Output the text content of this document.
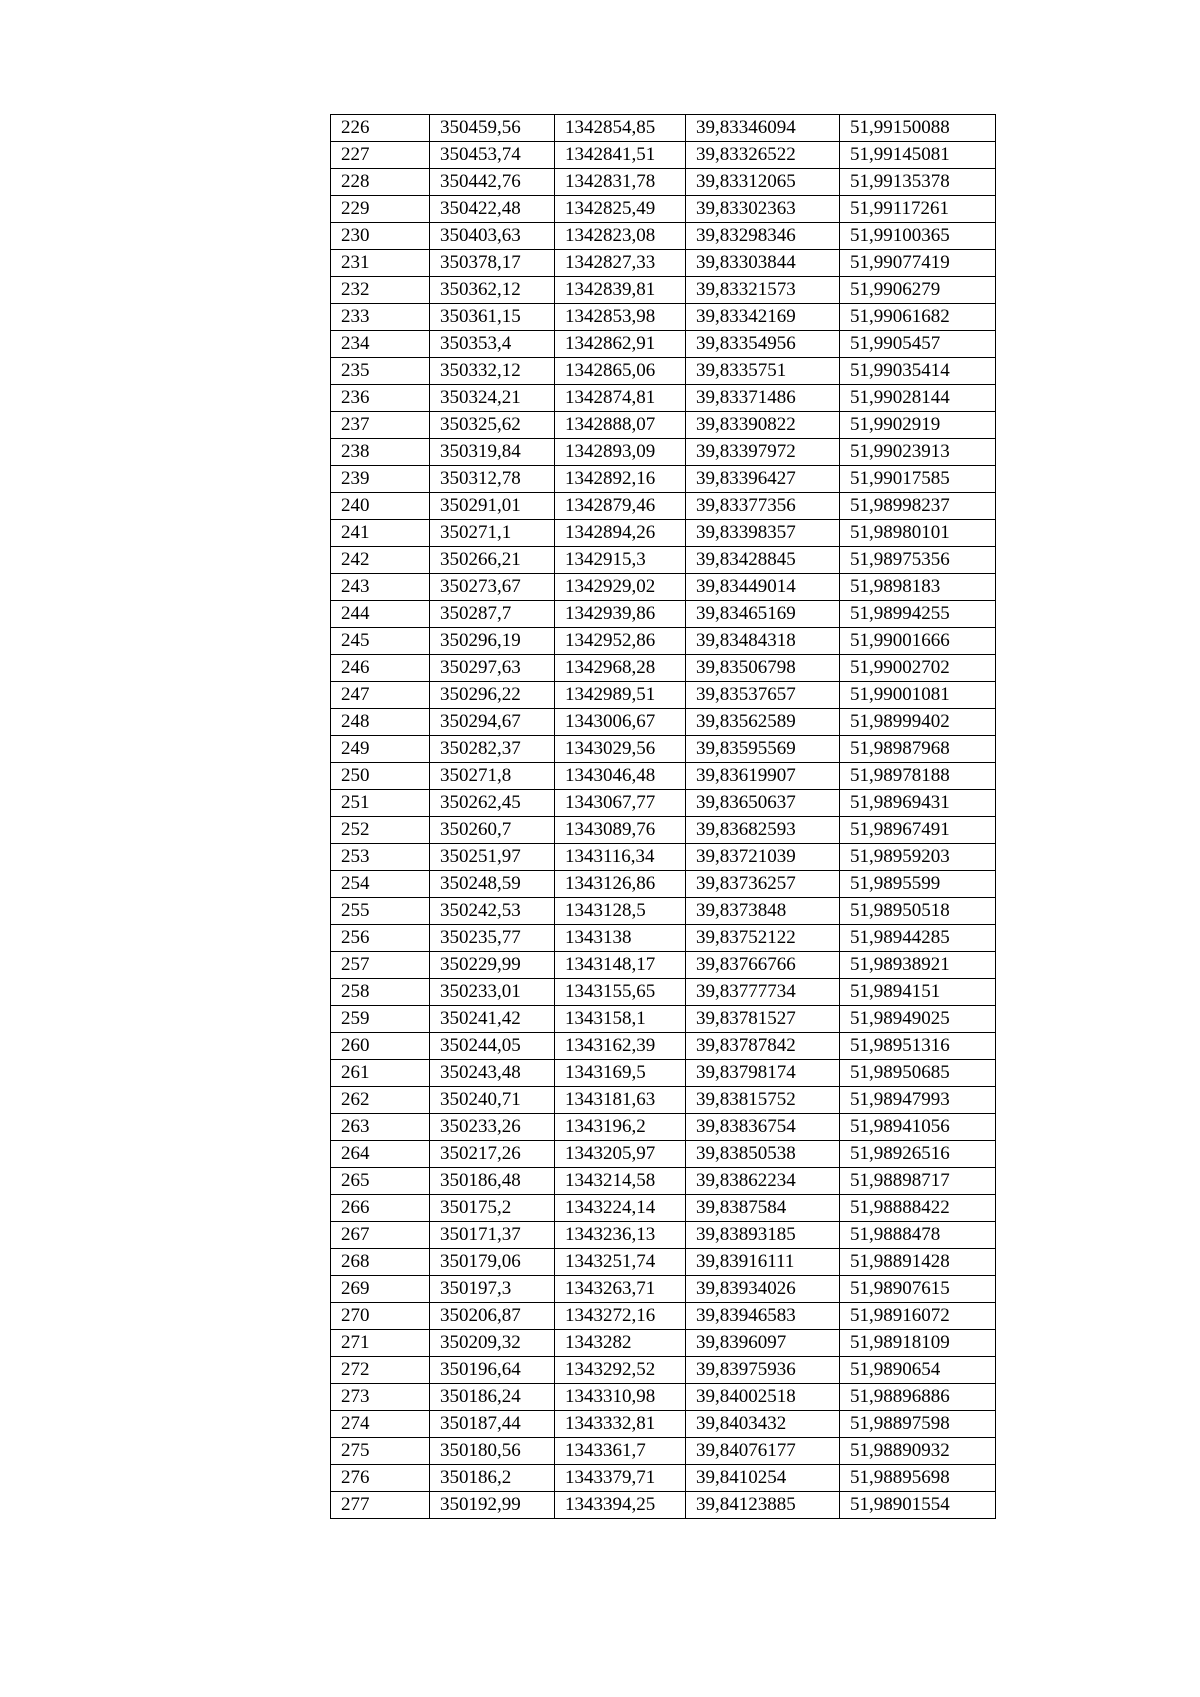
226	350459,56	1342854,85	39,83346094	51,99150088
227	350453,74	1342841,51	39,83326522	51,99145081
228	350442,76	1342831,78	39,83312065	51,99135378
229	350422,48	1342825,49	39,83302363	51,99117261
230	350403,63	1342823,08	39,83298346	51,99100365
231	350378,17	1342827,33	39,83303844	51,99077419
232	350362,12	1342839,81	39,83321573	51,9906279
233	350361,15	1342853,98	39,83342169	51,99061682
234	350353,4	1342862,91	39,83354956	51,9905457
235	350332,12	1342865,06	39,8335751	51,99035414
236	350324,21	1342874,81	39,83371486	51,99028144
237	350325,62	1342888,07	39,83390822	51,9902919
238	350319,84	1342893,09	39,83397972	51,99023913
239	350312,78	1342892,16	39,83396427	51,99017585
240	350291,01	1342879,46	39,83377356	51,98998237
241	350271,1	1342894,26	39,83398357	51,98980101
242	350266,21	1342915,3	39,83428845	51,98975356
243	350273,67	1342929,02	39,83449014	51,9898183
244	350287,7	1342939,86	39,83465169	51,98994255
245	350296,19	1342952,86	39,83484318	51,99001666
246	350297,63	1342968,28	39,83506798	51,99002702
247	350296,22	1342989,51	39,83537657	51,99001081
248	350294,67	1343006,67	39,83562589	51,98999402
249	350282,37	1343029,56	39,83595569	51,98987968
250	350271,8	1343046,48	39,83619907	51,98978188
251	350262,45	1343067,77	39,83650637	51,98969431
252	350260,7	1343089,76	39,83682593	51,98967491
253	350251,97	1343116,34	39,83721039	51,98959203
254	350248,59	1343126,86	39,83736257	51,9895599
255	350242,53	1343128,5	39,8373848	51,98950518
256	350235,77	1343138	39,83752122	51,98944285
257	350229,99	1343148,17	39,83766766	51,98938921
258	350233,01	1343155,65	39,83777734	51,9894151
259	350241,42	1343158,1	39,83781527	51,98949025
260	350244,05	1343162,39	39,83787842	51,98951316
261	350243,48	1343169,5	39,83798174	51,98950685
262	350240,71	1343181,63	39,83815752	51,98947993
263	350233,26	1343196,2	39,83836754	51,98941056
264	350217,26	1343205,97	39,83850538	51,98926516
265	350186,48	1343214,58	39,83862234	51,98898717
266	350175,2	1343224,14	39,8387584	51,98888422
267	350171,37	1343236,13	39,83893185	51,9888478
268	350179,06	1343251,74	39,83916111	51,98891428
269	350197,3	1343263,71	39,83934026	51,98907615
270	350206,87	1343272,16	39,83946583	51,98916072
271	350209,32	1343282	39,8396097	51,98918109
272	350196,64	1343292,52	39,83975936	51,9890654
273	350186,24	1343310,98	39,84002518	51,98896886
274	350187,44	1343332,81	39,8403432	51,98897598
275	350180,56	1343361,7	39,84076177	51,98890932
276	350186,2	1343379,71	39,8410254	51,98895698
277	350192,99	1343394,25	39,84123885	51,98901554
